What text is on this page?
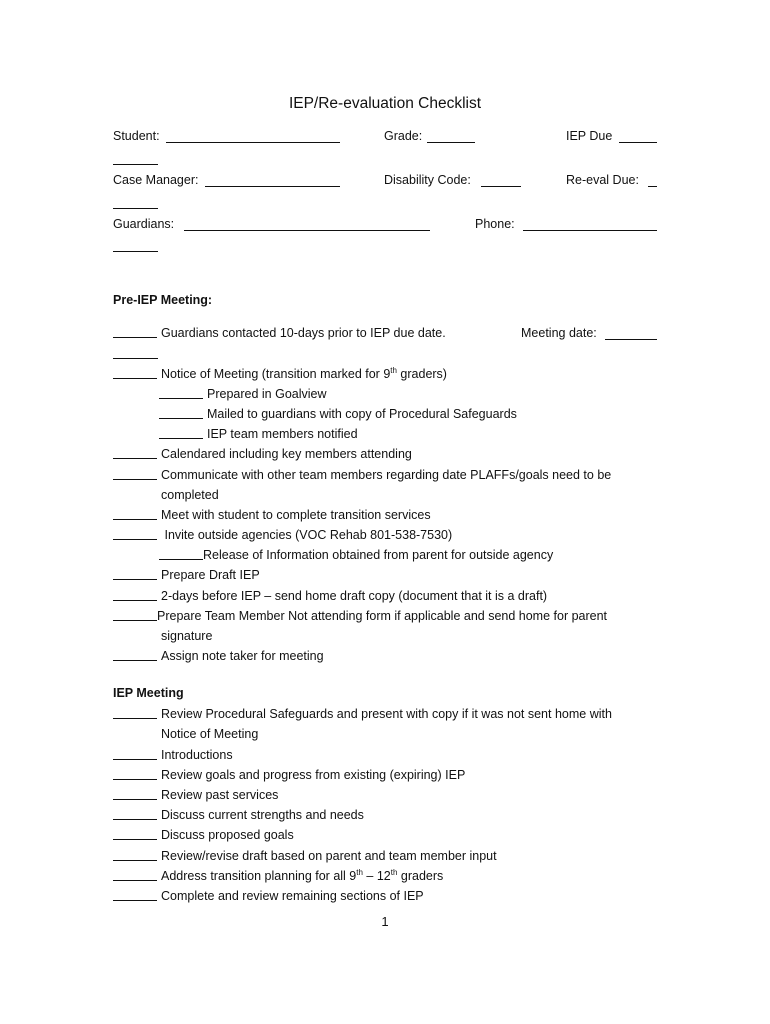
IEP/Re-evaluation Checklist
Student:	Grade:	IEP Due
Case Manager:	Disability Code:	Re-eval Due:
Guardians:	Phone:
Pre-IEP Meeting:
Guardians contacted 10-days prior to IEP due date.	Meeting date:
Notice of Meeting (transition marked for 9th graders)
Prepared in Goalview
Mailed to guardians with copy of Procedural Safeguards
IEP team members notified
Calendared including key members attending
Communicate with other team members regarding date PLAFFs/goals need to be
completed
Meet with student to complete transition services
Invite outside agencies (VOC Rehab 801-538-7530)
Release of Information obtained from parent for outside agency
Prepare Draft IEP
2-days before IEP – send home draft copy (document that it is a draft)
Prepare Team Member Not attending form if applicable and send home for parent
signature
Assign note taker for meeting
IEP Meeting
Review Procedural Safeguards and present with copy if it was not sent home with
Notice of Meeting
Introductions
Review goals and progress from existing (expiring) IEP
Review past services
Discuss current strengths and needs
Discuss proposed goals
Review/revise draft based on parent and team member input
Address transition planning for all 9th – 12th graders
Complete and review remaining sections of IEP
1
